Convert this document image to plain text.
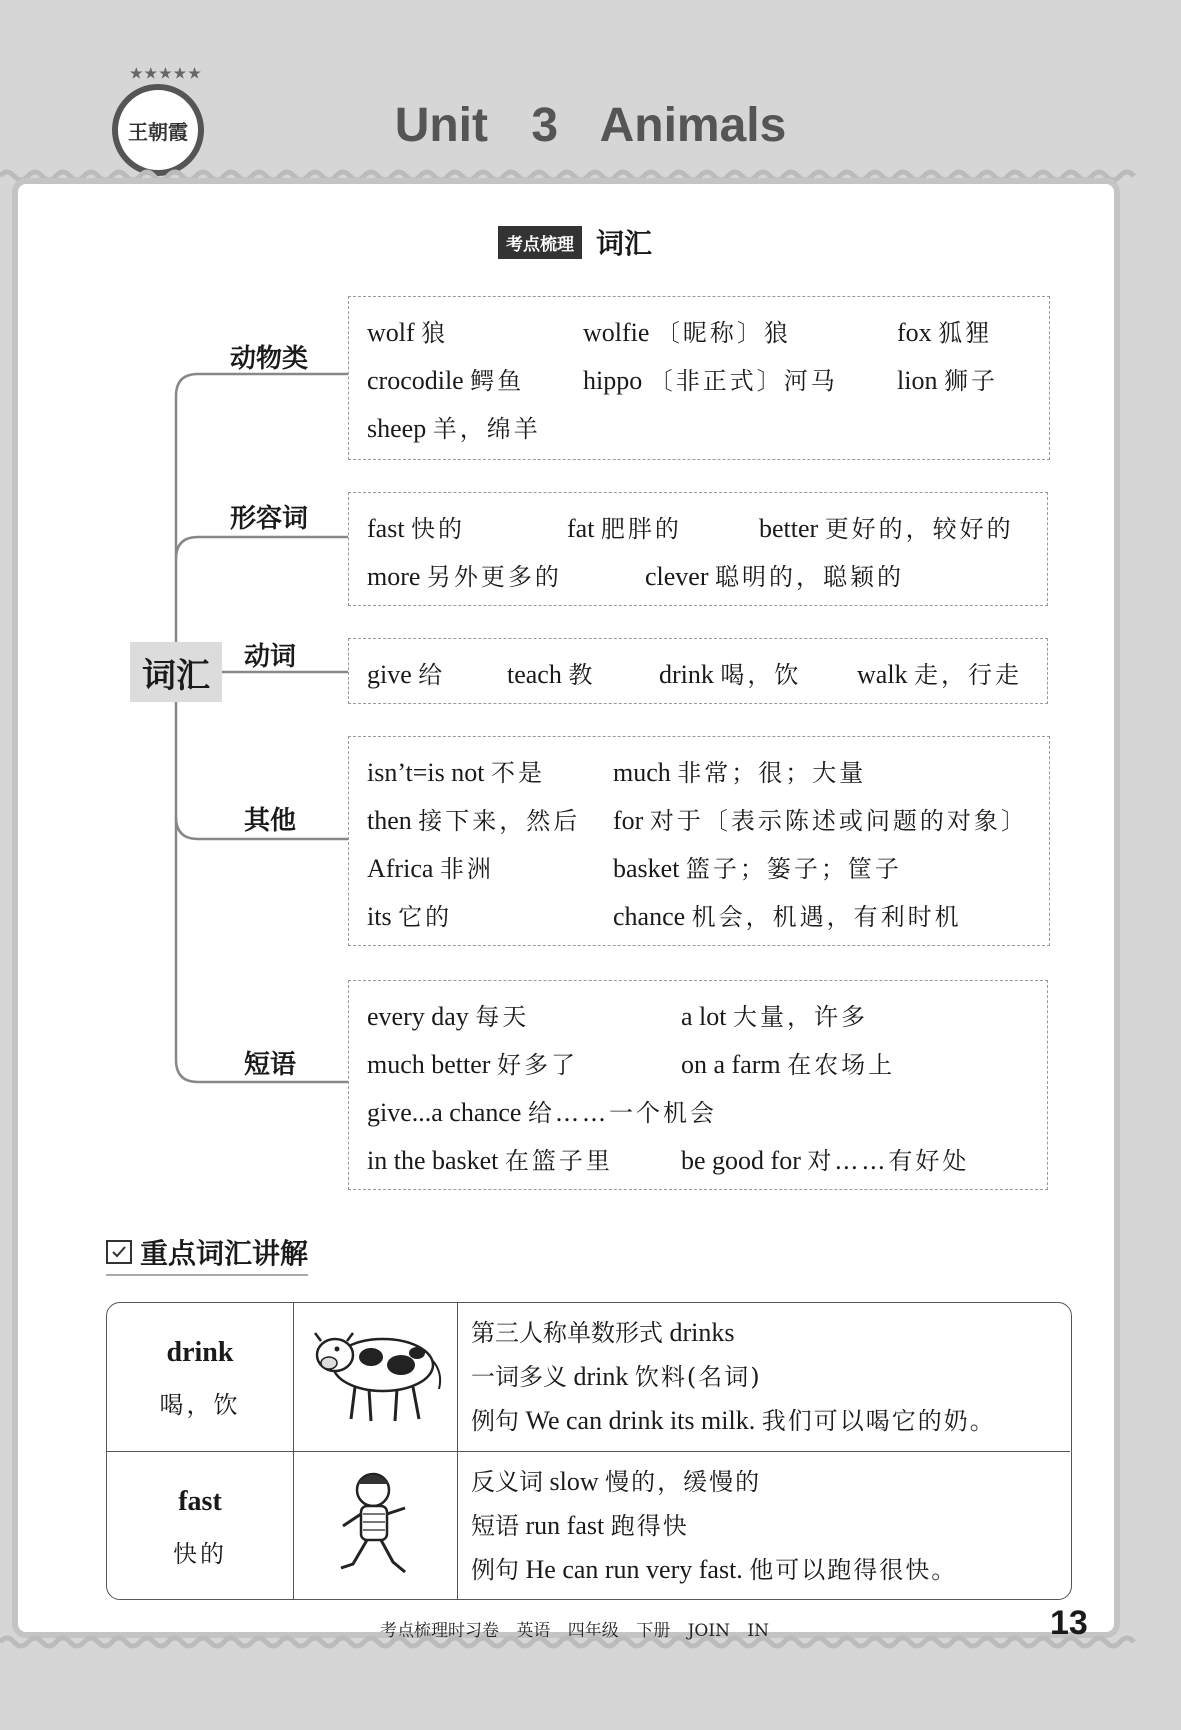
★★★★★
王朝霞	Unit 3 Animals
考点梳理 词汇
词汇
动物类
wolf 狼	wolfie 〔昵称〕狼	fox 狐狸
crocodile 鳄鱼 hippo 〔非正式〕河马 lion 狮子
sheep 羊，绵羊
形容词 fast 快的	fat 肥胖的	better 更好的，较好的
more 另外更多的	clever 聪明的，聪颖的
动词
give 给 teach 教 drink 喝，饮 walk 走，行走
其他
isn’t=is not 不是	much 非常；很；大量
then 接下来，然后 for 对于〔表示陈述或问题的对象〕
Africa 非洲	basket 篮子；篓子；筐子
its 它的	chance 机会，机遇，有利时机
短语
every day 每天	a lot 大量，许多
much better 好多了	on a farm 在农场上
give...a chance 给……一个机会
in the basket 在篮子里	be good for 对……有好处
重点词汇讲解
drink
喝，饮
第三人称单数形式 drinks
一词多义 drink 饮料(名词)
例句 We can drink its milk. 我们可以喝它的奶。
fast
快的
反义词 slow 慢的，缓慢的
短语 run fast 跑得快
例句 He can run very fast. 他可以跑得很快。
考点梳理时习卷 英语 四年级 下册 JOIN IN	13
